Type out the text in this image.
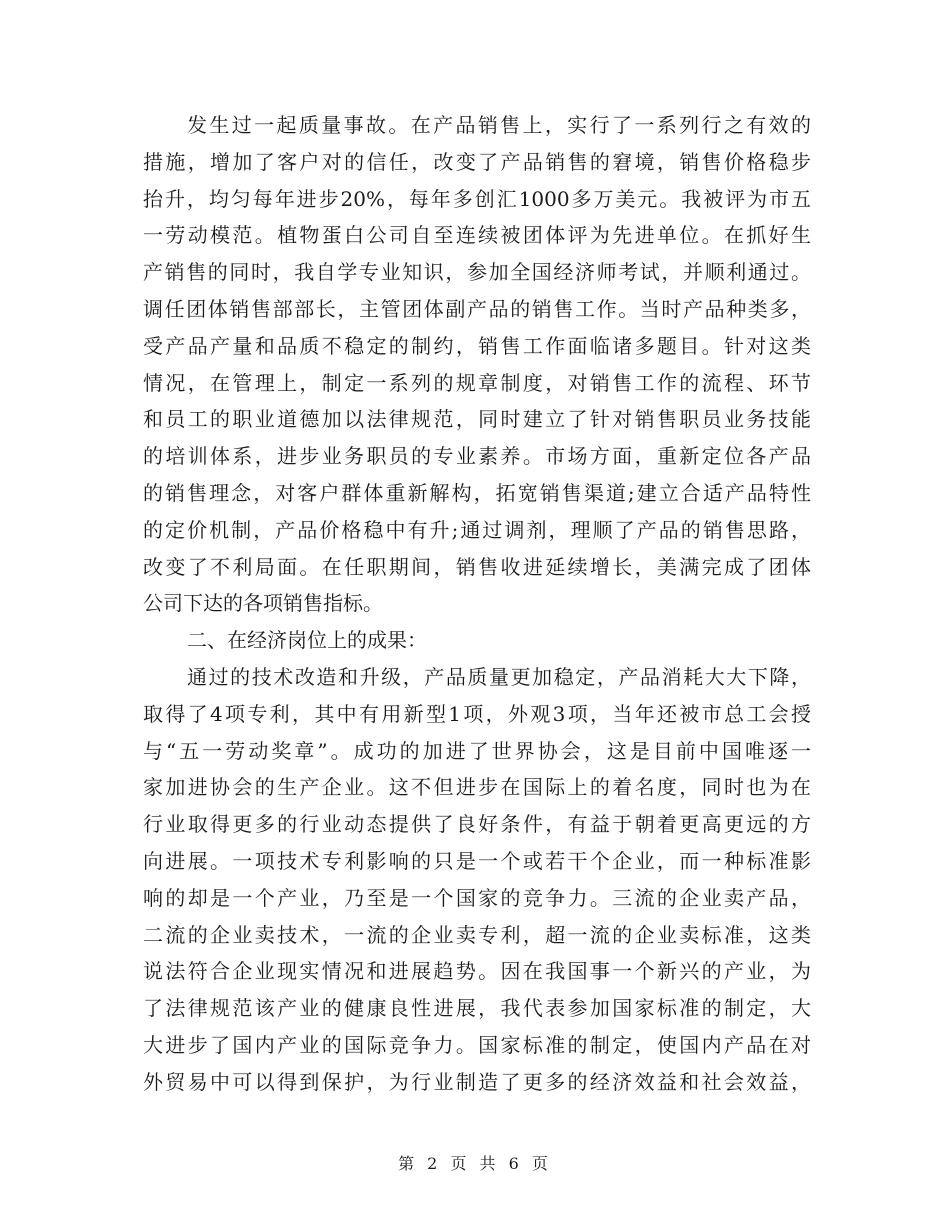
发生过一起质量事故。在产品销售上，实行了一系列行之有效的
措施，增加了客户对的信任，改变了产品销售的窘境，销售价格稳步
抬升，均匀每年进步20%，每年多创汇1000多万美元。我被评为市五
一劳动模范。植物蛋白公司自至连续被团体评为先进单位。在抓好生
产销售的同时，我自学专业知识，参加全国经济师考试，并顺利通过。
调任团体销售部部长，主管团体副产品的销售工作。当时产品种类多，
受产品产量和品质不稳定的制约，销售工作面临诸多题目。针对这类
情况，在管理上，制定一系列的规章制度，对销售工作的流程、环节
和员工的职业道德加以法律规范，同时建立了针对销售职员业务技能
的培训体系，进步业务职员的专业素养。市场方面，重新定位各产品
的销售理念，对客户群体重新解构，拓宽销售渠道;建立合适产品特性
的定价机制，产品价格稳中有升;通过调剂，理顺了产品的销售思路，
改变了不利局面。在任职期间，销售收进延续增长，美满完成了团体
公司下达的各项销售指标。
二、在经济岗位上的成果：
通过的技术改造和升级，产品质量更加稳定，产品消耗大大下降，
取得了4项专利，其中有用新型1项，外观3项，当年还被市总工会授
与“五一劳动奖章”。成功的加进了世界协会，这是目前中国唯逐一
家加进协会的生产企业。这不但进步在国际上的着名度，同时也为在
行业取得更多的行业动态提供了良好条件，有益于朝着更高更远的方
向进展。一项技术专利影响的只是一个或若干个企业，而一种标准影
响的却是一个产业，乃至是一个国家的竞争力。三流的企业卖产品，
二流的企业卖技术，一流的企业卖专利，超一流的企业卖标准，这类
说法符合企业现实情况和进展趋势。因在我国事一个新兴的产业，为
了法律规范该产业的健康良性进展，我代表参加国家标准的制定，大
大进步了国内产业的国际竞争力。国家标准的制定，使国内产品在对
外贸易中可以得到保护，为行业制造了更多的经济效益和社会效益，
第 2 页 共 6 页
